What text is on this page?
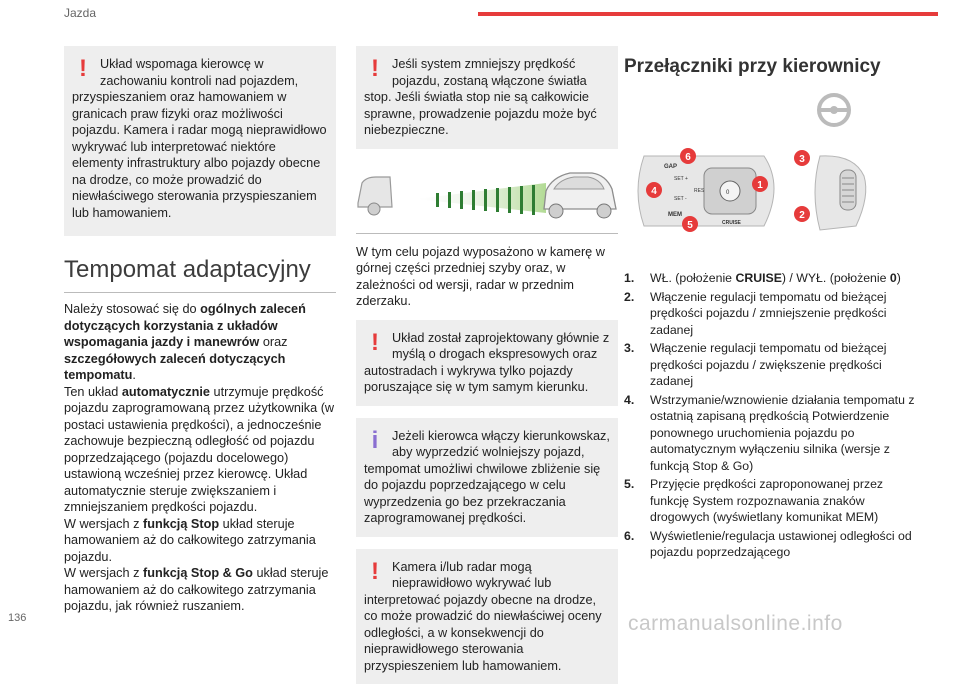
Jazda
!	Układ wspomaga kierowcę w zachowaniu kontroli nad pojazdem, przyspieszaniem oraz hamowaniem w granicach praw fizyki oraz możliwości pojazdu. Kamera i radar mogą nieprawidłowo wykrywać lub interpretować niektóre elementy infrastruktury albo pojazdy obecne na drodze, co może prowadzić do niewłaściwego sterowania przyspieszaniem lub hamowaniem.
Tempomat adaptacyjny

Należy stosować się do ogólnych zaleceń dotyczących korzystania z układów wspomagania jazdy i manewrów oraz szczegółowych zaleceń dotyczących tempomatu.

Ten układ automatycznie utrzymuje prędkość pojazdu zaprogramowaną przez użytkownika (w postaci ustawienia prędkości), a jednocześnie zachowuje bezpieczną odległość od pojazdu poprzedzającego (pojazdu docelowego) ustawioną wcześniej przez kierowcę. Układ automatycznie steruje zwiększaniem i zmniejszaniem prędkości pojazdu.

W wersjach z funkcją Stop układ steruje hamowaniem aż do całkowitego zatrzymania pojazdu.

W wersjach z funkcją Stop & Go układ steruje hamowaniem aż do całkowitego zatrzymania pojazdu, jak również ruszaniem.

!	Jeśli system zmniejszy prędkość pojazdu, zostaną włączone światła stop. Jeśli światła stop nie są całkowicie sprawne, prowadzenie pojazdu może być niebezpieczne.

W tym celu pojazd wyposażono w kamerę w górnej części przedniej szyby oraz, w zależności od wersji, radar w przednim zderzaku.

!	Układ został zaprojektowany głównie z myślą o drogach ekspresowych oraz autostradach i wykrywa tylko pojazdy poruszające się w tym samym kierunku.
i	Jeżeli kierowca włączy kierunkowskaz, aby wyprzedzić wolniejszy pojazd, tempomat umożliwi chwilowe zbliżenie się do pojazdu poprzedzającego w celu wyprzedzenia go bez przekraczania zaprogramowanej prędkości.
!	Kamera i/lub radar mogą nieprawidłowo wykrywać lub interpretować pojazdy obecne na drodze, co może prowadzić do niewłaściwej oceny odległości, a w konsekwencji do nieprawidłowego sterowania przyspieszeniem lub hamowaniem.
Przełączniki przy kierownicy
GAP
SET +
SET -
MEM
CRUISE
RES	0
6
4
5
1
3
2
1. WŁ. (położenie CRUISE) / WYŁ. (położenie 0)
2. Włączenie regulacji tempomatu od bieżącej prędkości pojazdu / zmniejszenie prędkości zadanej
3. Włączenie regulacji tempomatu od bieżącej prędkości pojazdu / zwiększenie prędkości zadanej
4. Wstrzymanie/wznowienie działania tempomatu z ostatnią zapisaną prędkością Potwierdzenie ponownego uruchomienia pojazdu po automatycznym wyłączeniu silnika (wersje z funkcją Stop & Go)
5. Przyjęcie prędkości zaproponowanej przez funkcję System rozpoznawania znaków drogowych (wyświetlany komunikat MEM)
6. Wyświetlenie/regulacja ustawionej odległości od pojazdu poprzedzającego
136	carmanualsonline.info
